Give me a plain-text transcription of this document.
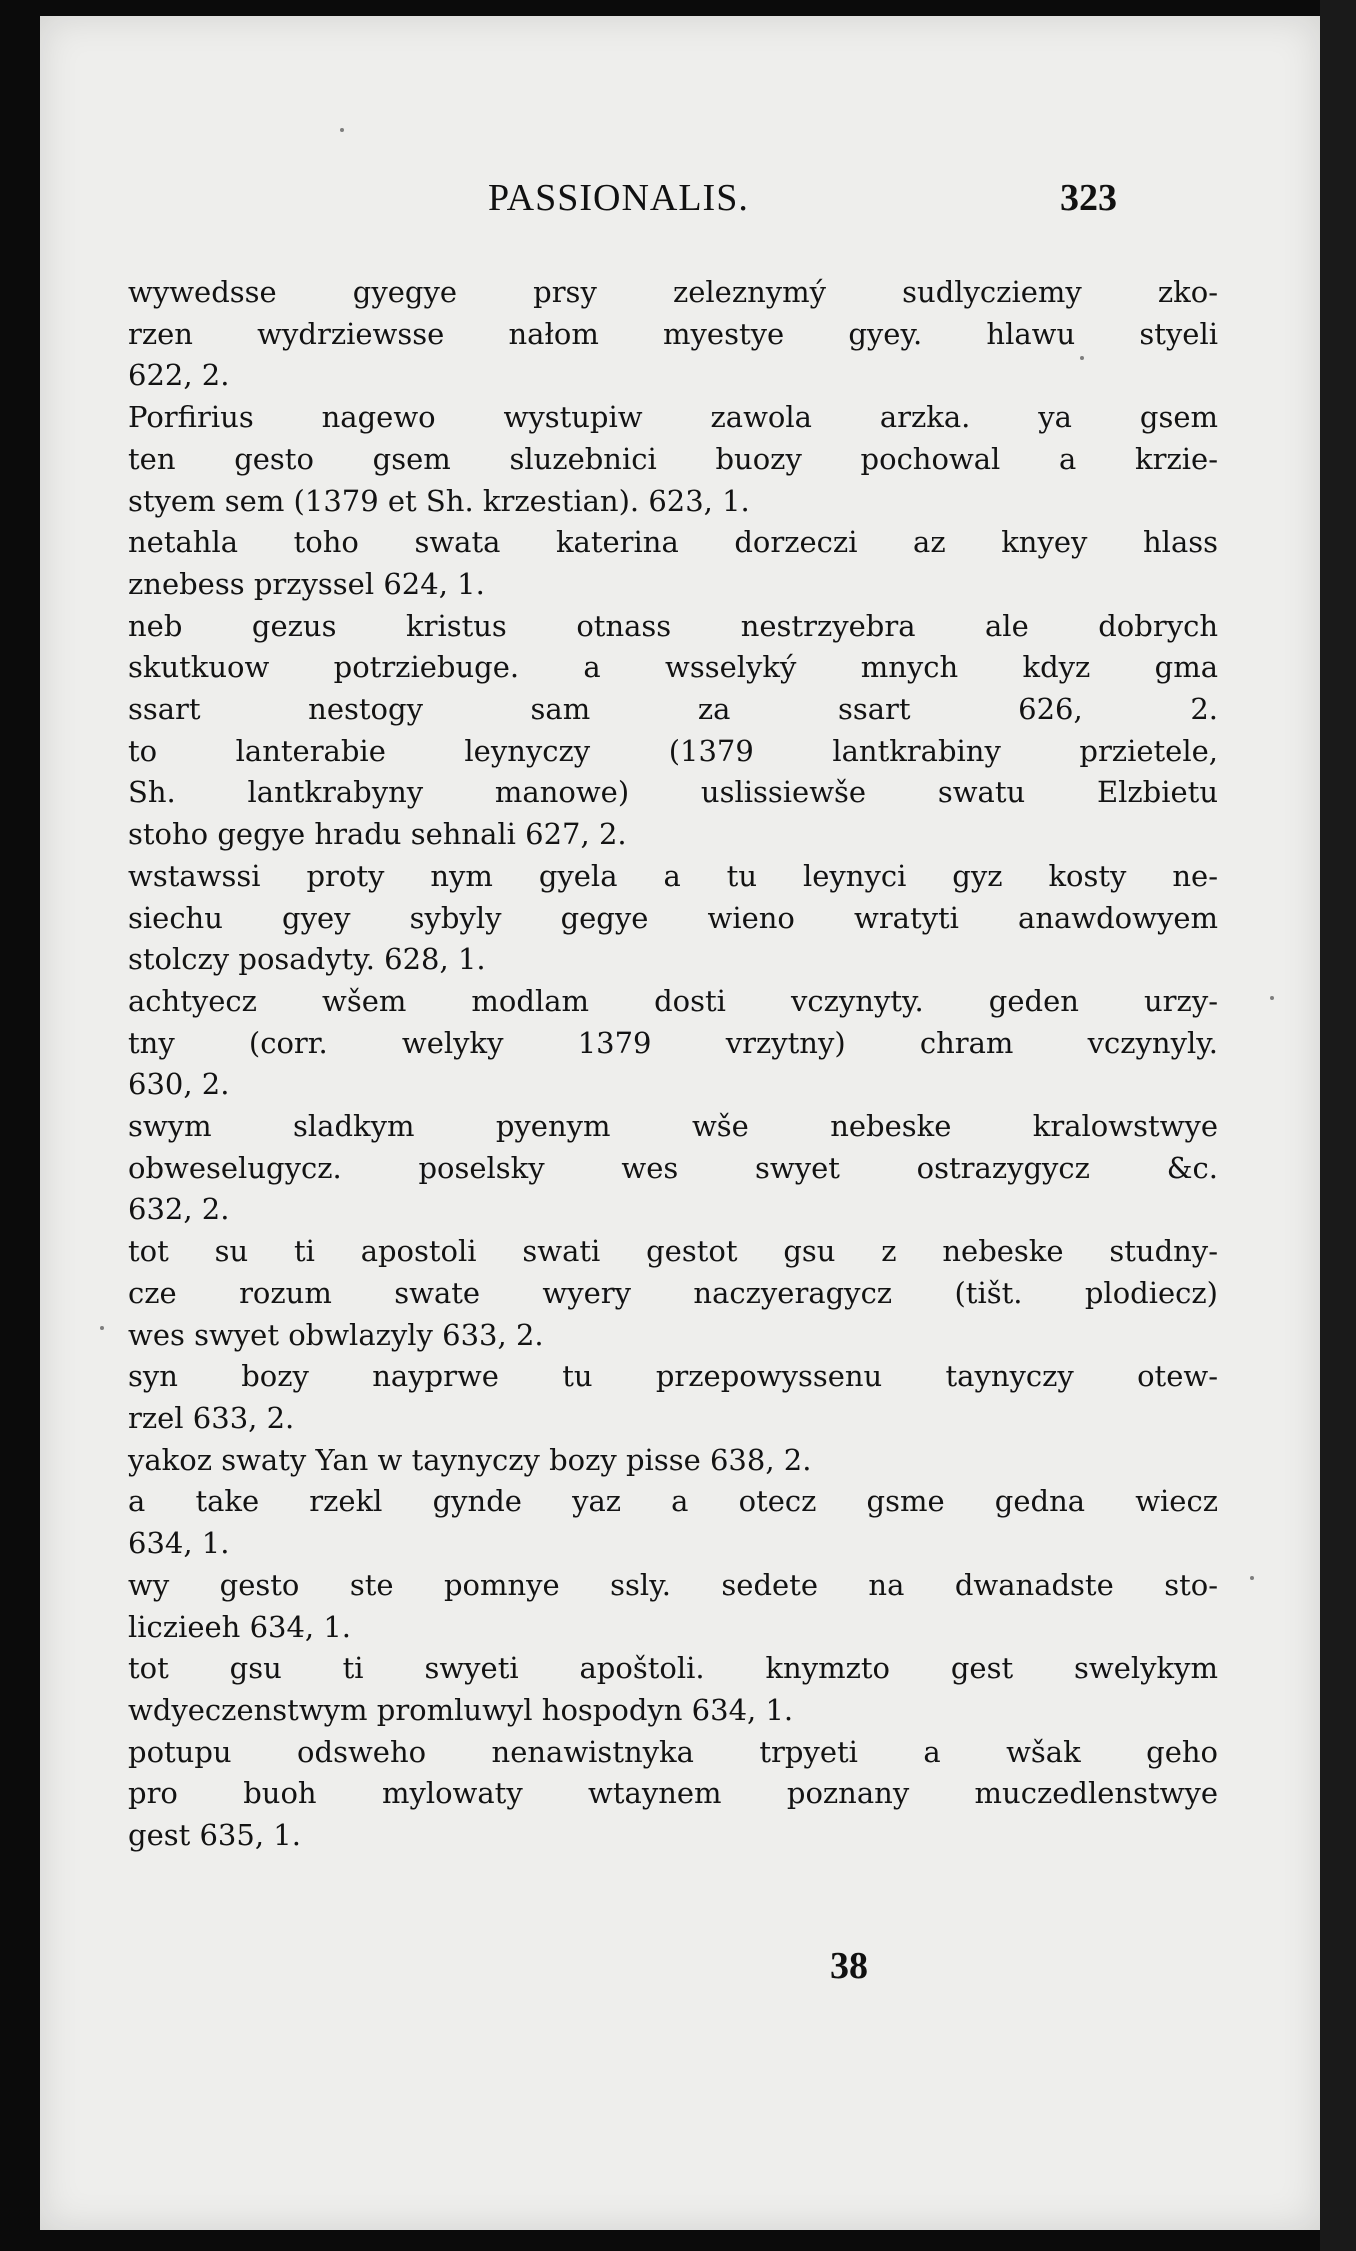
PASSIONALIS.	323
wywedsse gyegye prsy zeleznymý sudlycziemy zko-
rzen wydrziewsse nałom myestye gyey. hlawu styeli
622, 2.
Porfirius nagewo wystupiw zawola arzka. ya gsem
ten gesto gsem sluzebnici buozy pochowal a krzie-
styem sem (1379 et Sh. krzestian). 623, 1.
netahla toho swata katerina dorzeczi az knyey hlass
znebess przyssel 624, 1.
neb gezus kristus otnass nestrzyebra ale dobrych
skutkuow potrziebuge. a wsselyký mnych kdyz gma
ssart nestogy sam za ssart 626, 2.
to lanterabie leynyczy (1379 lantkrabiny przietele,
Sh. lantkrabyny manowe) uslissiewše swatu Elzbietu
stoho gegye hradu sehnali 627, 2.
wstawssi proty nym gyela a tu leynyci gyz kosty ne-
siechu gyey sybyly gegye wieno wratyti anawdowyem
stolczy posadyty. 628, 1.
achtyecz wšem modlam dosti vczynyty. geden urzy-
tny (corr. welyky 1379 vrzytny) chram vczynyly.
630, 2.
swym sladkym pyenym wše nebeske kralowstwye
obweselugycz. poselsky wes swyet ostrazygycz &c.
632, 2.
tot su ti apostoli swati gestot gsu z nebeske studny-
cze rozum swate wyery naczyeragycz (tišt. plodiecz)
wes swyet obwlazyly 633, 2.
syn bozy nayprwe tu przepowyssenu taynyczy otew-
rzel 633, 2.
yakoz swaty Yan w taynyczy bozy pisse 638, 2.
a take rzekl gynde yaz a otecz gsme gedna wiecz
634, 1.
wy gesto ste pomnye ssly. sedete na dwanadste sto-
liczieeh 634, 1.
tot gsu ti swyeti apoštoli. knymzto gest swelykym
wdyeczenstwym promluwyl hospodyn 634, 1.
potupu odsweho nenawistnyka trpyeti a wšak geho
pro buoh mylowaty wtaynem poznany muczedlenstwye
gest 635, 1.
38
